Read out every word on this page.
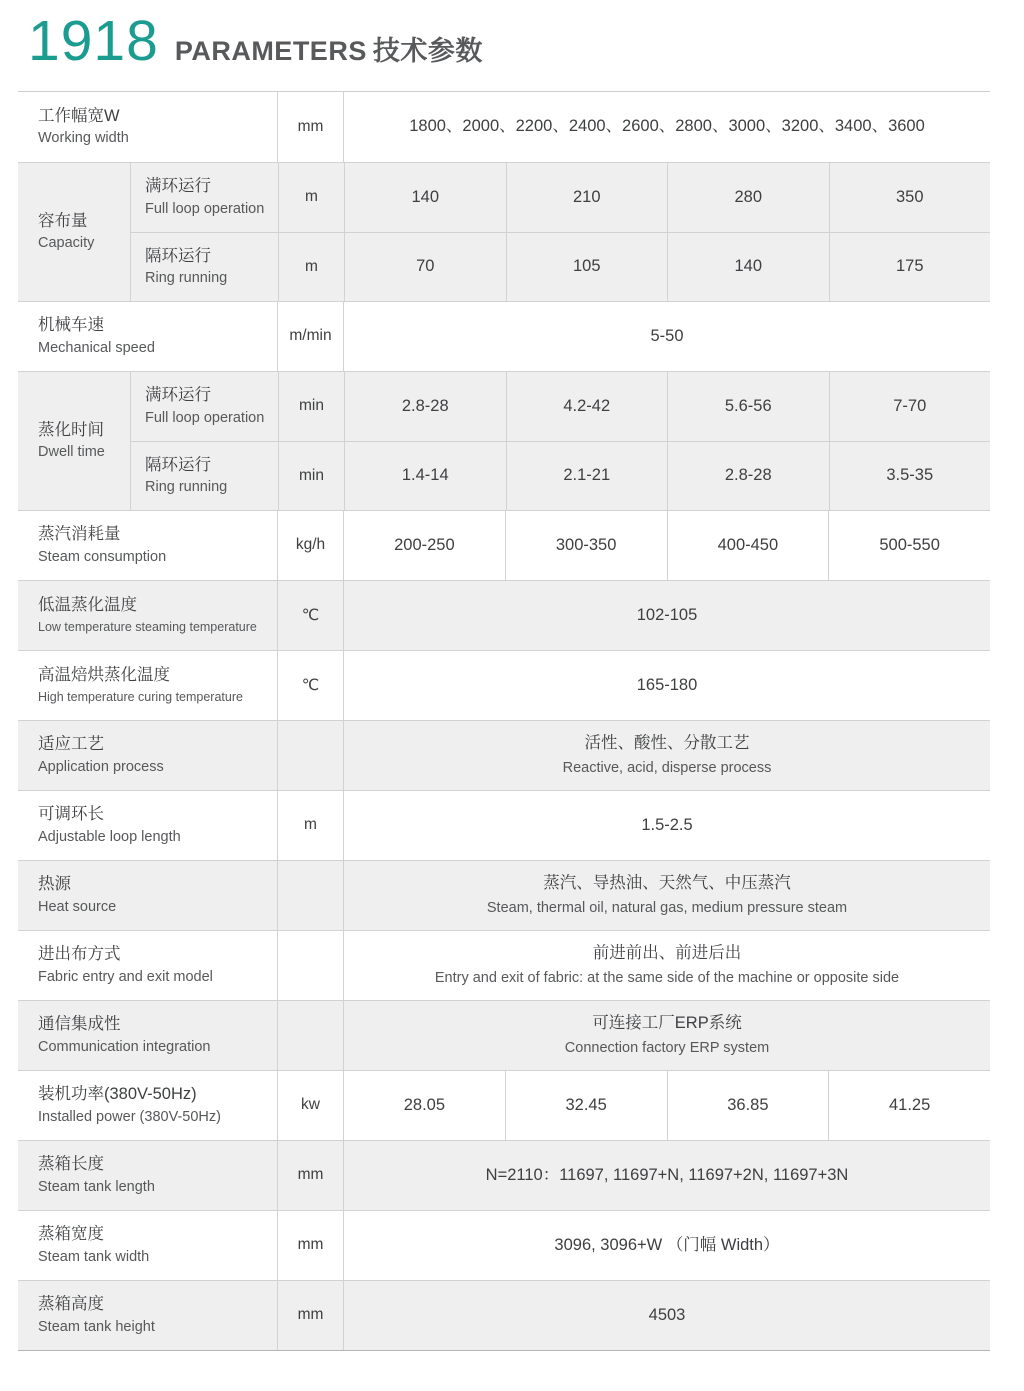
1918 PARAMETERS 技术参数
工作幅宽W
Working width
mm	1800、2000、2200、2400、2600、2800、3000、3200、3400、3600
容布量
Capacity
满环运行
Full loop operation
m	140	210	280	350
隔环运行
Ring running
m	70	105	140	175
机械车速
Mechanical speed
m/min	5-50
蒸化时间
Dwell time
满环运行
Full loop operation
min	2.8-28	4.2-42	5.6-56	7-70
隔环运行
Ring running
min	1.4-14	2.1-21	2.8-28	3.5-35
蒸汽消耗量
Steam consumption
kg/h	200-250	300-350	400-450	500-550
低温蒸化温度
Low temperature steaming temperature
℃	102-105
高温焙烘蒸化温度
High temperature curing temperature
℃	165-180
适应工艺
Application process
活性、酸性、分散工艺
Reactive, acid, disperse process
可调环长
Adjustable loop length
m	1.5-2.5
热源
Heat source
蒸汽、导热油、天然气、中压蒸汽
Steam, thermal oil, natural gas, medium pressure steam
进出布方式
Fabric entry and exit model
前进前出、前进后出
Entry and exit of fabric: at the same side of the machine or opposite side
通信集成性
Communication integration
可连接工厂ERP系统
Connection factory ERP system
装机功率(380V-50Hz)
Installed power (380V-50Hz)
kw	28.05	32.45	36.85	41.25
蒸箱长度
Steam tank length
mm	N=2110：11697, 11697+N, 11697+2N, 11697+3N
蒸箱宽度
Steam tank width
mm	3096, 3096+W （门幅 Width）
蒸箱高度
Steam tank height
mm	4503
